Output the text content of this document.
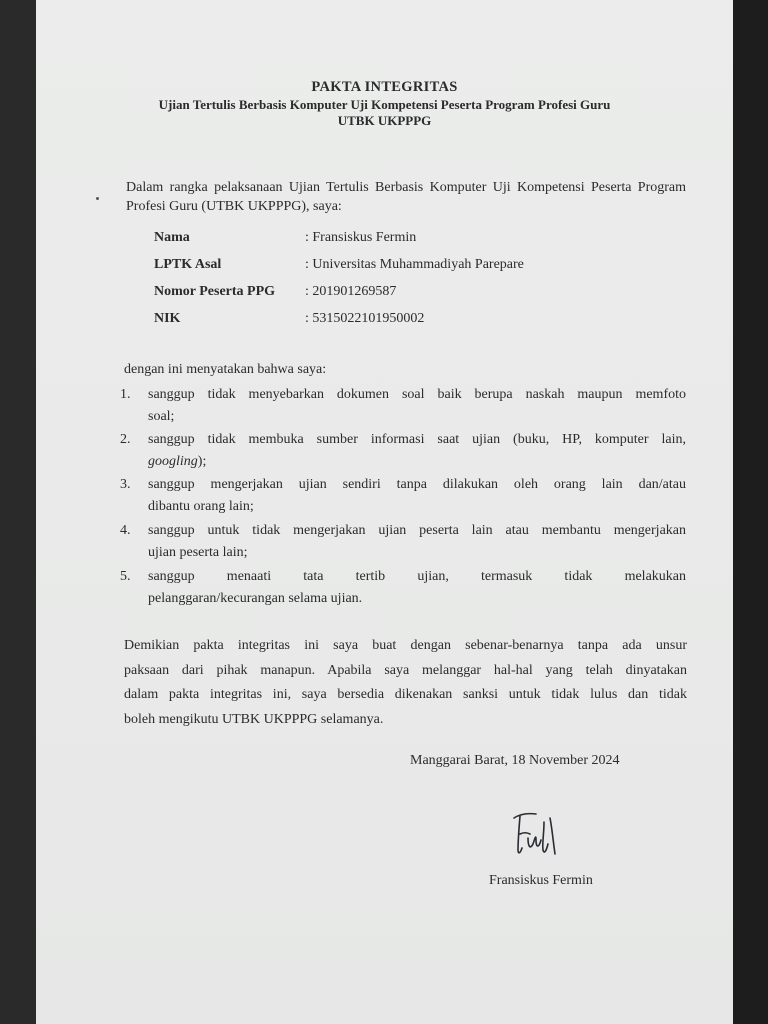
PAKTA INTEGRITAS
Ujian Tertulis Berbasis Komputer Uji Kompetensi Peserta Program Profesi Guru
UTBK UKPPPG
Dalam rangka pelaksanaan Ujian Tertulis Berbasis Komputer Uji Kompetensi Peserta Program Profesi Guru (UTBK UKPPPG), saya:
Nama	: Fransiskus Fermin
LPTK Asal	: Universitas Muhammadiyah Parepare
Nomor Peserta PPG	: 201901269587
NIK	: 5315022101950002
dengan ini menyatakan bahwa saya:
1. sanggup tidak menyebarkan dokumen soal baik berupa naskah maupun memfoto
soal;
2. sanggup tidak membuka sumber informasi saat ujian (buku, HP, komputer lain,
googling);
3. sanggup mengerjakan ujian sendiri tanpa dilakukan oleh orang lain dan/atau
dibantu orang lain;
4. sanggup untuk tidak mengerjakan ujian peserta lain atau membantu mengerjakan
ujian peserta lain;
5. sanggup menaati tata tertib ujian, termasuk tidak melakukan
pelanggaran/kecurangan selama ujian.
Demikian pakta integritas ini saya buat dengan sebenar-benarnya tanpa ada unsur
paksaan dari pihak manapun. Apabila saya melanggar hal-hal yang telah dinyatakan
dalam pakta integritas ini, saya bersedia dikenakan sanksi untuk tidak lulus dan tidak
boleh mengikutu UTBK UKPPPG selamanya.
Manggarai Barat, 18 November 2024
Fransiskus Fermin
